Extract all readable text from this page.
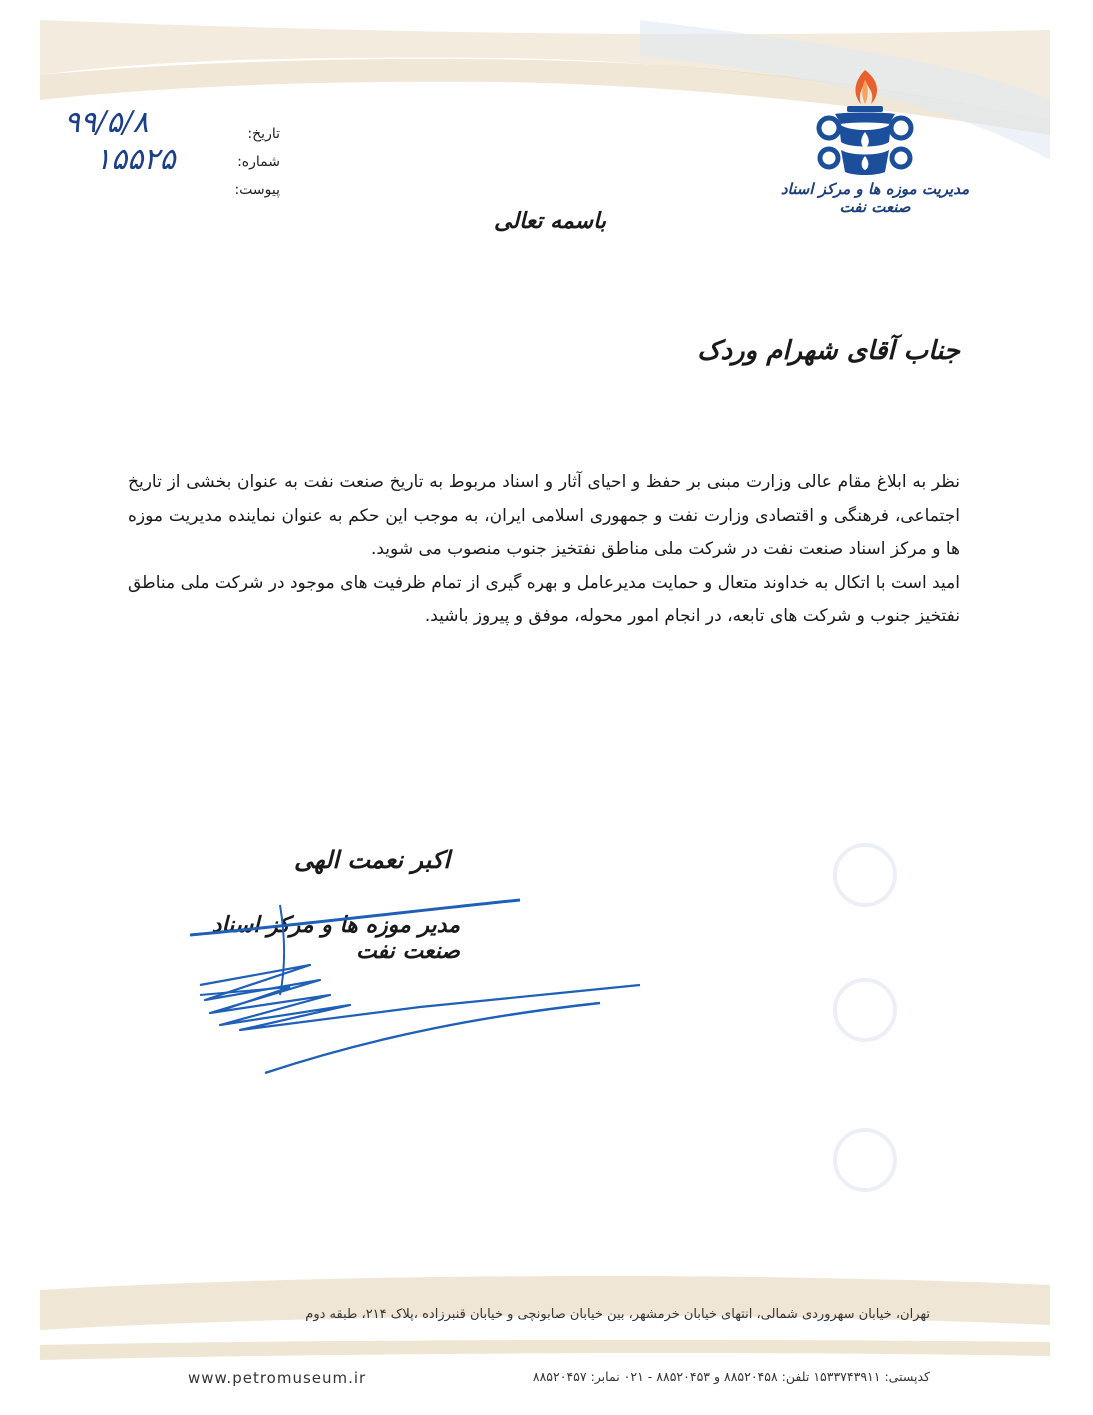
مدیریت موزه ها و مرکز اسناد صنعت نفت
تاریخ:
شماره:
پیوست:
۹۹/۵/۸
۱۵۵۲۵
باسمه تعالی
جناب آقای شهرام وردک

نظر به ابلاغ مقام عالی وزارت مبنی بر حفظ و احیای آثار و اسناد مربوط به تاریخ صنعت نفت به عنوان بخشی از تاریخ اجتماعی، فرهنگی و اقتصادی وزارت نفت و جمهوری اسلامی ایران، به موجب این حکم به عنوان نماینده مدیریت موزه ها و مرکز اسناد صنعت نفت در شرکت ملی مناطق نفتخیز جنوب منصوب می شوید.

امید است با اتکال به خداوند متعال و حمایت مدیرعامل و بهره گیری از تمام ظرفیت های موجود در شرکت ملی مناطق نفتخیز جنوب و شرکت های تابعه، در انجام امور محوله، موفق و پیروز باشید.

اکبر نعمت الهی
مدیر موزه ها و مرکز اسناد صنعت نفت
تهران، خیابان سهروردی شمالی، انتهای خیابان خرمشهر، بین خیابان صابونچی و خیابان قنبرزاده ،پلاک ۲۱۴، طبقه دوم
کدپستی: ۱۵۳۳۷۴۳۹۱۱ تلفن: ۸۸۵۲۰۴۵۸ و ۸۸۵۲۰۴۵۳ - ۰۲۱ نمابر: ۸۸۵۲۰۴۵۷
www.petromuseum.ir
